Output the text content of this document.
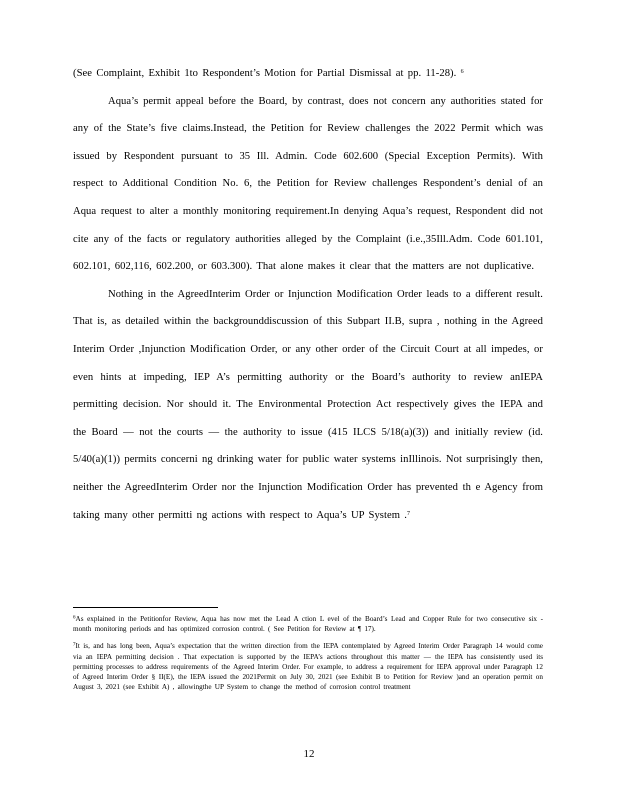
(See Complaint, Exhibit 1to Respondent’s Motion for Partial Dismissal at pp. 11-28). $^6$

Aqua’s permit appeal before the Board, by contrast, does not concern any authorities stated for any of the State’s five claims.Instead, the Petition for Review challenges the 2022 Permit which was issued by Respondent pursuant to 35 Ill. Admin. Code 602.600 (Special Exception Permits). With respect to Additional Condition No. 6, the Petition for Review challenges Respondent’s denial of an Aqua request to alter a monthly monitoring requirement.In denying Aqua’s request, Respondent did not cite any of the facts or regulatory authorities alleged by the Complaint (i.e.,35Ill.Adm. Code 601.101, 602.101, 602,116, 602.200, or 603.300). That alone makes it clear that the matters are not duplicative.

Nothing in the AgreedInterim Order or Injunction Modification Order leads to a different result. That is, as detailed within the backgrounddiscussion of this Subpart II.B, supra , nothing in the Agreed Interim Order ,Injunction Modification Order, or any other order of the Circuit Court at all impedes, or even hints at impeding, IEP A’s permitting authority or the Board’s authority to review anIEPA permitting decision. Nor should it. The Environmental Protection Act respectively gives the IEPA and the Board — not the courts — the authority to issue (415 ILCS 5/18(a)(3)) and initially review (id. 5/40(a)(1)) permits concerni ng drinking water for public water systems inIllinois. Not surprisingly then, neither the AgreedInterim Order nor the Injunction Modification Order has prevented th e Agency from taking many other permitti ng actions with respect to Aqua’s UP System .$^7$

$^6$As explained in the Petitionfor Review, Aqua has now met the Lead A ction L evel of the Board’s Lead and Copper Rule for two consecutive six - month monitoring periods and has optimized corrosion control. ( See Petition for Review at ¶ 17).

$^7$It is, and has long been, Aqua’s expectation that the written direction from the IEPA contemplated by Agreed Interim Order Paragraph 14 would come via an IEPA permitting decision . That expectation is supported by the IEPA’s actions throughout this matter — the IEPA has consistently used its permitting processes to address requirements of the Agreed Interim Order. For example, to address a requirement for IEPA approval under Paragraph 12 of Agreed Interim Order § II(E), the IEPA issued the 2021Permit on July 30, 2021 (see Exhibit B to Petition for Review )and an operation permit on August 3, 2021 (see Exhibit A) , allowingthe UP System to change the method of corrosion control treatment

12
